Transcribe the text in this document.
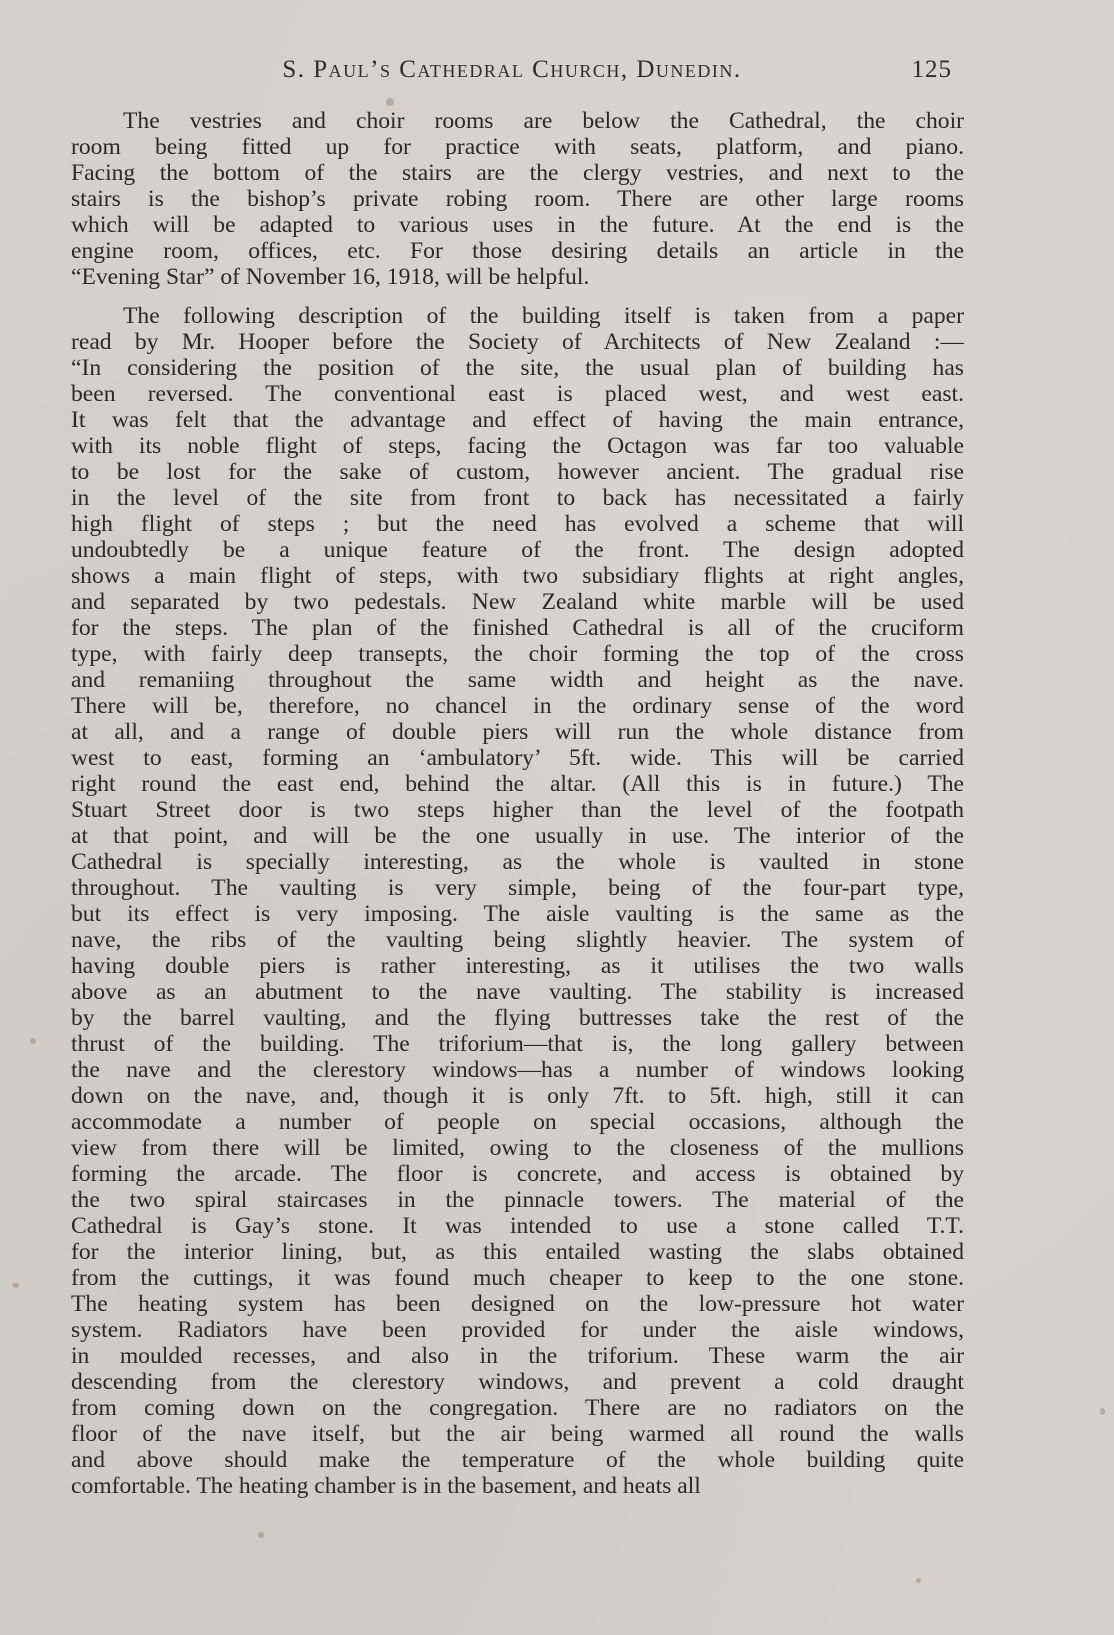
S. Paul’s Cathedral Church, Dunedin.	125
The vestries and choir rooms are below the Cathedral, the choir
room being fitted up for practice with seats, platform, and piano.
Facing the bottom of the stairs are the clergy vestries, and next to the
stairs is the bishop’s private robing room. There are other large rooms
which will be adapted to various uses in the future. At the end is the
engine room, offices, etc. For those desiring details an article in the
“Evening Star” of November 16, 1918, will be helpful.
The following description of the building itself is taken from a paper
read by Mr. Hooper before the Society of Architects of New Zealand :—
“In considering the position of the site, the usual plan of building has
been reversed. The conventional east is placed west, and west east.
It was felt that the advantage and effect of having the main entrance,
with its noble flight of steps, facing the Octagon was far too valuable
to be lost for the sake of custom, however ancient. The gradual rise
in the level of the site from front to back has necessitated a fairly
high flight of steps ; but the need has evolved a scheme that will
undoubtedly be a unique feature of the front. The design adopted
shows a main flight of steps, with two subsidiary flights at right angles,
and separated by two pedestals. New Zealand white marble will be used
for the steps. The plan of the finished Cathedral is all of the cruciform
type, with fairly deep transepts, the choir forming the top of the cross
and remaniing throughout the same width and height as the nave.
There will be, therefore, no chancel in the ordinary sense of the word
at all, and a range of double piers will run the whole distance from
west to east, forming an ‘ambulatory’ 5ft. wide. This will be carried
right round the east end, behind the altar. (All this is in future.) The
Stuart Street door is two steps higher than the level of the footpath
at that point, and will be the one usually in use. The interior of the
Cathedral is specially interesting, as the whole is vaulted in stone
throughout. The vaulting is very simple, being of the four-part type,
but its effect is very imposing. The aisle vaulting is the same as the
nave, the ribs of the vaulting being slightly heavier. The system of
having double piers is rather interesting, as it utilises the two walls
above as an abutment to the nave vaulting. The stability is increased
by the barrel vaulting, and the flying buttresses take the rest of the
thrust of the building. The triforium—that is, the long gallery between
the nave and the clerestory windows—has a number of windows looking
down on the nave, and, though it is only 7ft. to 5ft. high, still it can
accommodate a number of people on special occasions, although the
view from there will be limited, owing to the closeness of the mullions
forming the arcade. The floor is concrete, and access is obtained by
the two spiral staircases in the pinnacle towers. The material of the
Cathedral is Gay’s stone. It was intended to use a stone called T.T.
for the interior lining, but, as this entailed wasting the slabs obtained
from the cuttings, it was found much cheaper to keep to the one stone.
The heating system has been designed on the low-pressure hot water
system. Radiators have been provided for under the aisle windows,
in moulded recesses, and also in the triforium. These warm the air
descending from the clerestory windows, and prevent a cold draught
from coming down on the congregation. There are no radiators on the
floor of the nave itself, but the air being warmed all round the walls
and above should make the temperature of the whole building quite
comfortable. The heating chamber is in the basement, and heats all
